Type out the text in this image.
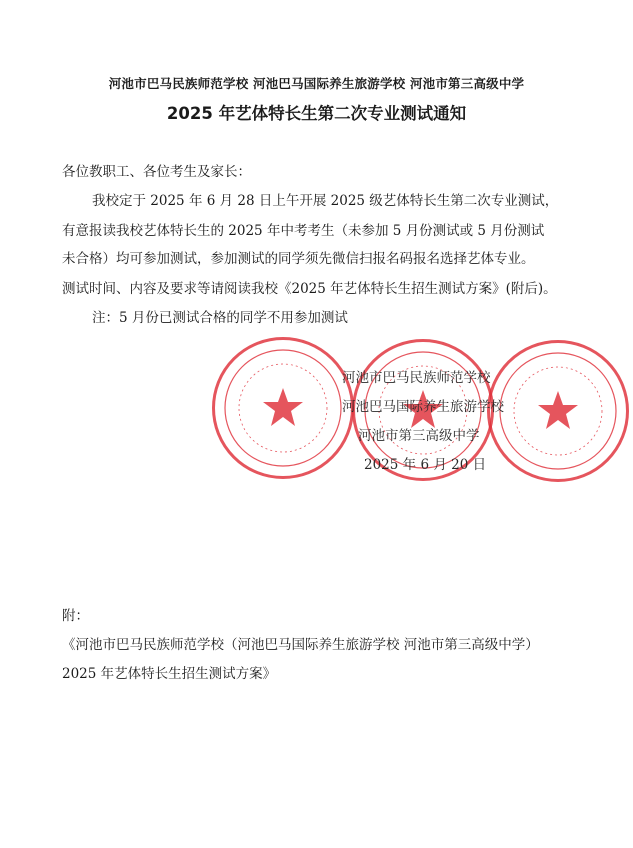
河池市巴马民族师范学校 河池巴马国际养生旅游学校 河池市第三高级中学
2025 年艺体特长生第二次专业测试通知
各位教职工、各位考生及家长：
我校定于 2025 年 6 月 28 日上午开展 2025 级艺体特长生第二次专业测试，
有意报读我校艺体特长生的 2025 年中考考生（未参加 5 月份测试或 5 月份测试
未合格）均可参加测试，参加测试的同学须先微信扫报名码报名选择艺体专业。
测试时间、内容及要求等请阅读我校《2025 年艺体特长生招生测试方案》(附后)。
注：5 月份已测试合格的同学不用参加测试
河池市巴马民族师范学校
河池巴马国际养生旅游学校
河池市第三高级中学
2025 年 6 月 20 日
附：
《河池市巴马民族师范学校（河池巴马国际养生旅游学校 河池市第三高级中学）
2025 年艺体特长生招生测试方案》
